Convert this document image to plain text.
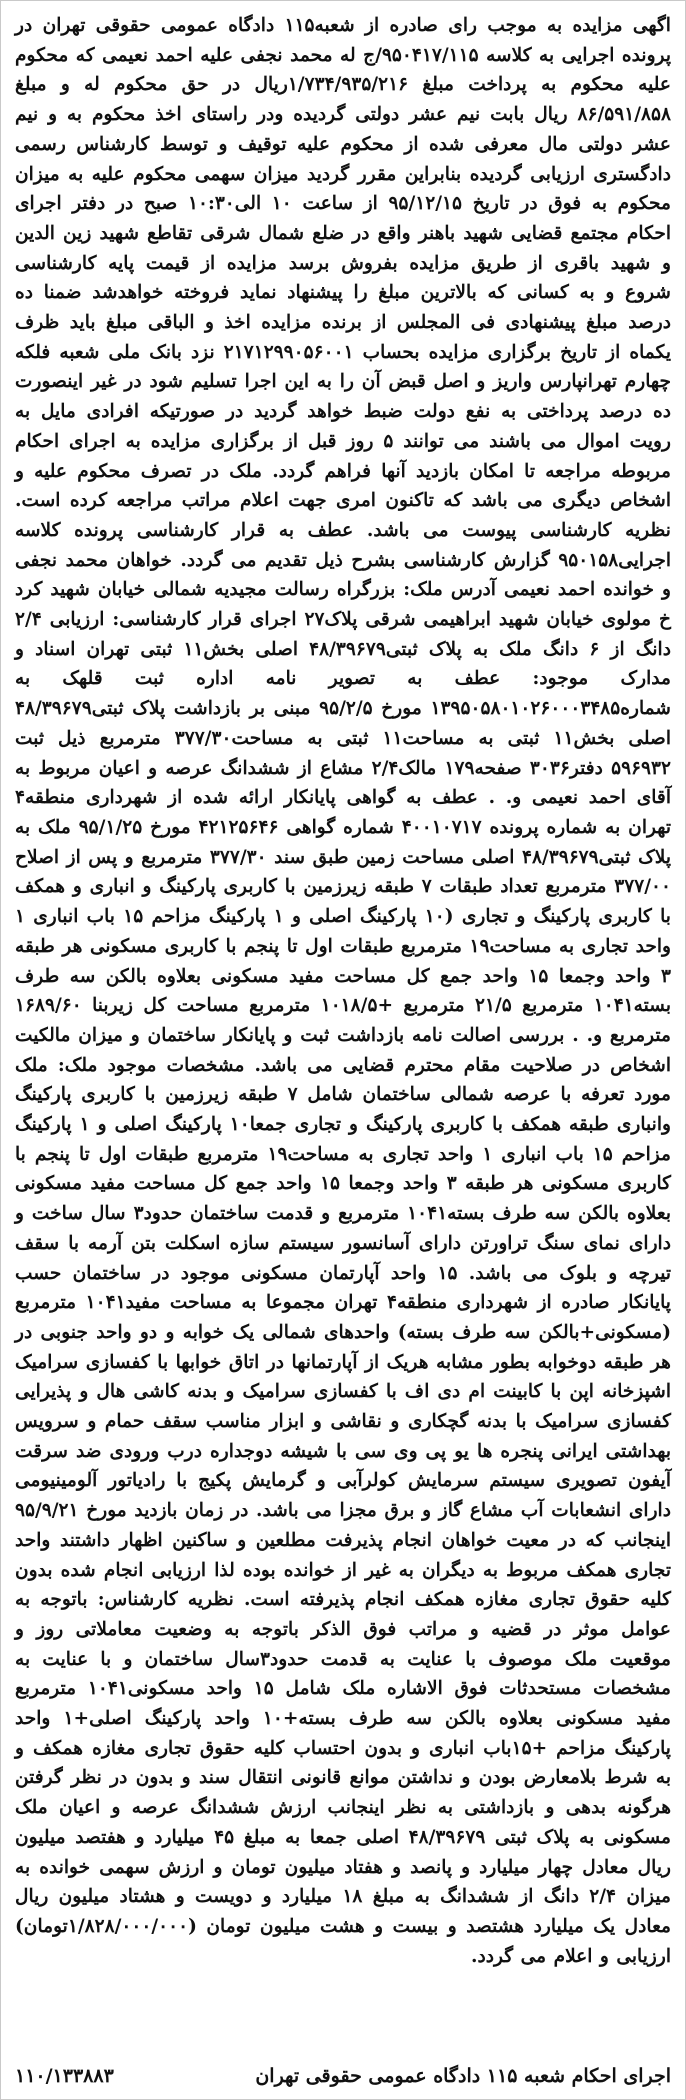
اگهی مزایده به موجب رای صادره از شعبه۱۱۵ دادگاه عمومی حقوقی تهران در پرونده اجرایی به کلاسه ۹۵۰۴۱۷/۱۱۵/ج له محمد نجفی علیه احمد نعیمی که محکوم علیه محکوم به پرداخت مبلغ ۱/۷۳۴/۹۳۵/۲۱۶ریال در حق محکوم له و مبلغ ۸۶/۵۹۱/۸۵۸ ریال بابت نیم عشر دولتی گردیده ودر راستای اخذ محکوم به و نیم عشر دولتی مال معرفی شده از محکوم علیه توقیف و توسط کارشناس رسمی دادگستری ارزیابی گردیده بنابراین مقرر گردید میزان سهمی محکوم علیه به میزان محکوم به فوق در تاریخ ۹۵/۱۲/۱۵ از ساعت ۱۰ الی۱۰:۳۰ صبح در دفتر اجرای احکام مجتمع قضایی شهید باهنر واقع در ضلع شمال شرقی تقاطع شهید زین الدین و شهید باقری از طریق مزایده بفروش برسد مزایده از قیمت پایه کارشناسی شروع و به کسانی که بالاترین مبلغ را پیشنهاد نماید فروخته خواهدشد ضمنا ده درصد مبلغ پیشنهادی فی المجلس از برنده مزایده اخذ و الباقی مبلغ باید ظرف یکماه از تاریخ برگزاری مزایده بحساب ۲۱۷۱۲۹۹۰۵۶۰۰۱ نزد بانک ملی شعبه فلکه چهارم تهرانپارس واریز و اصل قبض آن را به این اجرا تسلیم شود در غیر اینصورت ده درصد پرداختی به نفع دولت ضبط خواهد گردید در صورتیکه افرادی مایل به رویت اموال می باشند می توانند ۵ روز قبل از برگزاری مزایده به اجرای احکام مربوطه مراجعه تا امکان بازدید آنها فراهم گردد. ملک در تصرف محکوم علیه و اشخاص دیگری می باشد که تاکنون امری جهت اعلام مراتب مراجعه کرده است. نظریه کارشناسی پیوست می باشد. عطف به قرار کارشناسی پرونده کلاسه اجرایی۹۵۰۱۵۸ گزارش کارشناسی بشرح ذیل تقدیم می گردد. خواهان محمد نجفی و خوانده احمد نعیمی آدرس ملک: بزرگراه رسالت مجیدیه شمالی خیابان شهید کرد خ مولوی خیابان شهید ابراهیمی شرقی پلاک۲۷ اجرای قرار کارشناسی: ارزیابی ۲/۴ دانگ از ۶ دانگ ملک به پلاک ثبتی۴۸/۳۹۶۷۹ اصلی بخش۱۱ ثبتی تهران اسناد و مدارک موجود: عطف به تصویر نامه اداره ثبت قلهک به شماره۱۳۹۵۰۵۸۰۱۰۲۶۰۰۰۳۴۸۵ مورخ ۹۵/۲/۵ مبنی بر بازداشت پلاک ثبتی۴۸/۳۹۶۷۹ اصلی بخش۱۱ ثبتی به مساحت۱۱ ثبتی به مساحت۳۷۷/۳۰ مترمربع ذیل ثبت ۵۹۶۹۳۲ دفتر۳۰۳۶ صفحه۱۷۹ مالک۲/۴ مشاع از ششدانگ عرصه و اعیان مربوط به آقای احمد نعیمی و. . عطف به گواهی پایانکار ارائه شده از شهرداری منطقه۴ تهران به شماره پرونده ۴۰۰۱۰۷۱۷ شماره گواهی ۴۲۱۲۵۶۴۶ مورخ ۹۵/۱/۲۵ ملک به پلاک ثبتی۴۸/۳۹۶۷۹ اصلی مساحت زمین طبق سند ۳۷۷/۳۰ مترمربع و پس از اصلاح ۳۷۷/۰۰ مترمربع تعداد طبقات ۷ طبقه زیرزمین با کاربری پارکینگ و انباری و همکف با کاربری پارکینگ و تجاری (۱۰ پارکینگ اصلی و ۱ پارکینگ مزاحم ۱۵ باب انباری ۱ واحد تجاری به مساحت۱۹ مترمربع طبقات اول تا پنجم با کاربری مسکونی هر طبقه ۳ واحد وجمعا ۱۵ واحد جمع کل مساحت مفید مسکونی بعلاوه بالکن سه طرف بسته۱۰۴۱ مترمربع ۲۱/۵ مترمربع +۱۰۱۸/۵ مترمربع مساحت کل زیربنا ۱۶۸۹/۶۰ مترمربع و. . بررسی اصالت نامه بازداشت ثبت و پایانکار ساختمان و میزان مالکیت اشخاص در صلاحیت مقام محترم قضایی می باشد. مشخصات موجود ملک: ملک مورد تعرفه با عرصه شمالی ساختمان شامل ۷ طبقه زیرزمین با کاربری پارکینگ وانباری طبقه همکف با کاربری پارکینگ و تجاری جمعا۱۰ پارکینگ اصلی و ۱ پارکینگ مزاحم ۱۵ باب انباری ۱ واحد تجاری به مساحت۱۹ مترمربع طبقات اول تا پنجم با کاربری مسکونی هر طبقه ۳ واحد وجمعا ۱۵ واحد جمع کل مساحت مفید مسکونی بعلاوه بالکن سه طرف بسته۱۰۴۱ مترمربع و قدمت ساختمان حدود۳ سال ساخت و دارای نمای سنگ تراورتن دارای آسانسور سیستم سازه اسکلت بتن آرمه با سقف تیرچه و بلوک می باشد. ۱۵ واحد آپارتمان مسکونی موجود در ساختمان حسب پایانکار صادره از شهرداری منطقه۴ تهران مجموعا به مساحت مفید۱۰۴۱ مترمربع (مسکونی+بالکن سه طرف بسته) واحدهای شمالی یک خوابه و دو واحد جنوبی در هر طبقه دوخوابه بطور مشابه هریک از آپارتمانها در اتاق خوابها با کفسازی سرامیک اشپزخانه اپن با کابینت ام دی اف با کفسازی سرامیک و بدنه کاشی هال و پذیرایی کفسازی سرامیک با بدنه گچکاری و نقاشی و ابزار مناسب سقف حمام و سرویس بهداشتی ایرانی پنجره ها یو پی وی سی با شیشه دوجداره درب ورودی ضد سرقت آیفون تصویری سیستم سرمایش کولرآبی و گرمایش پکیج با رادیاتور آلومینیومی دارای انشعابات آب مشاع گاز و برق مجزا می باشد. در زمان بازدید مورخ ۹۵/۹/۲۱ اینجانب که در معیت خواهان انجام پذیرفت مطلعین و ساکنین اظهار داشتند واحد تجاری همکف مربوط به دیگران به غیر از خوانده بوده لذا ارزیابی انجام شده بدون کلیه حقوق تجاری مغازه همکف انجام پذیرفته است. نظریه کارشناس: باتوجه به عوامل موثر در قضیه و مراتب فوق الذکر باتوجه به وضعیت معاملاتی روز و موقعیت ملک موصوف با عنایت به قدمت حدود۳سال ساختمان و با عنایت به مشخصات مستحدثات فوق الاشاره ملک شامل ۱۵ واحد مسکونی۱۰۴۱ مترمربع مفید مسکونی بعلاوه بالکن سه طرف بسته+۱۰ واحد پارکینگ اصلی+۱ واحد پارکینگ مزاحم +۱۵باب انباری و بدون احتساب کلیه حقوق تجاری مغازه همکف و به شرط بلامعارض بودن و نداشتن موانع قانونی انتقال سند و بدون در نظر گرفتن هرگونه بدهی و بازداشتی به نظر اینجانب ارزش ششدانگ عرصه و اعیان ملک مسکونی به پلاک ثبتی ۴۸/۳۹۶۷۹ اصلی جمعا به مبلغ ۴۵ میلیارد و هفتصد میلیون ریال معادل چهار میلیارد و پانصد و هفتاد میلیون تومان و ارزش سهمی خوانده به میزان ۲/۴ دانگ از ششدانگ به مبلغ ۱۸ میلیارد و دویست و هشتاد میلیون ریال معادل یک میلیارد هشتصد و بیست و هشت میلیون تومان (۱/۸۲۸/۰۰۰/۰۰۰تومان) ارزیابی و اعلام می گردد.

اجرای احکام شعبه ۱۱۵ دادگاه عمومی حقوقی تهران
۱۱۰/۱۳۳۸۸۳
